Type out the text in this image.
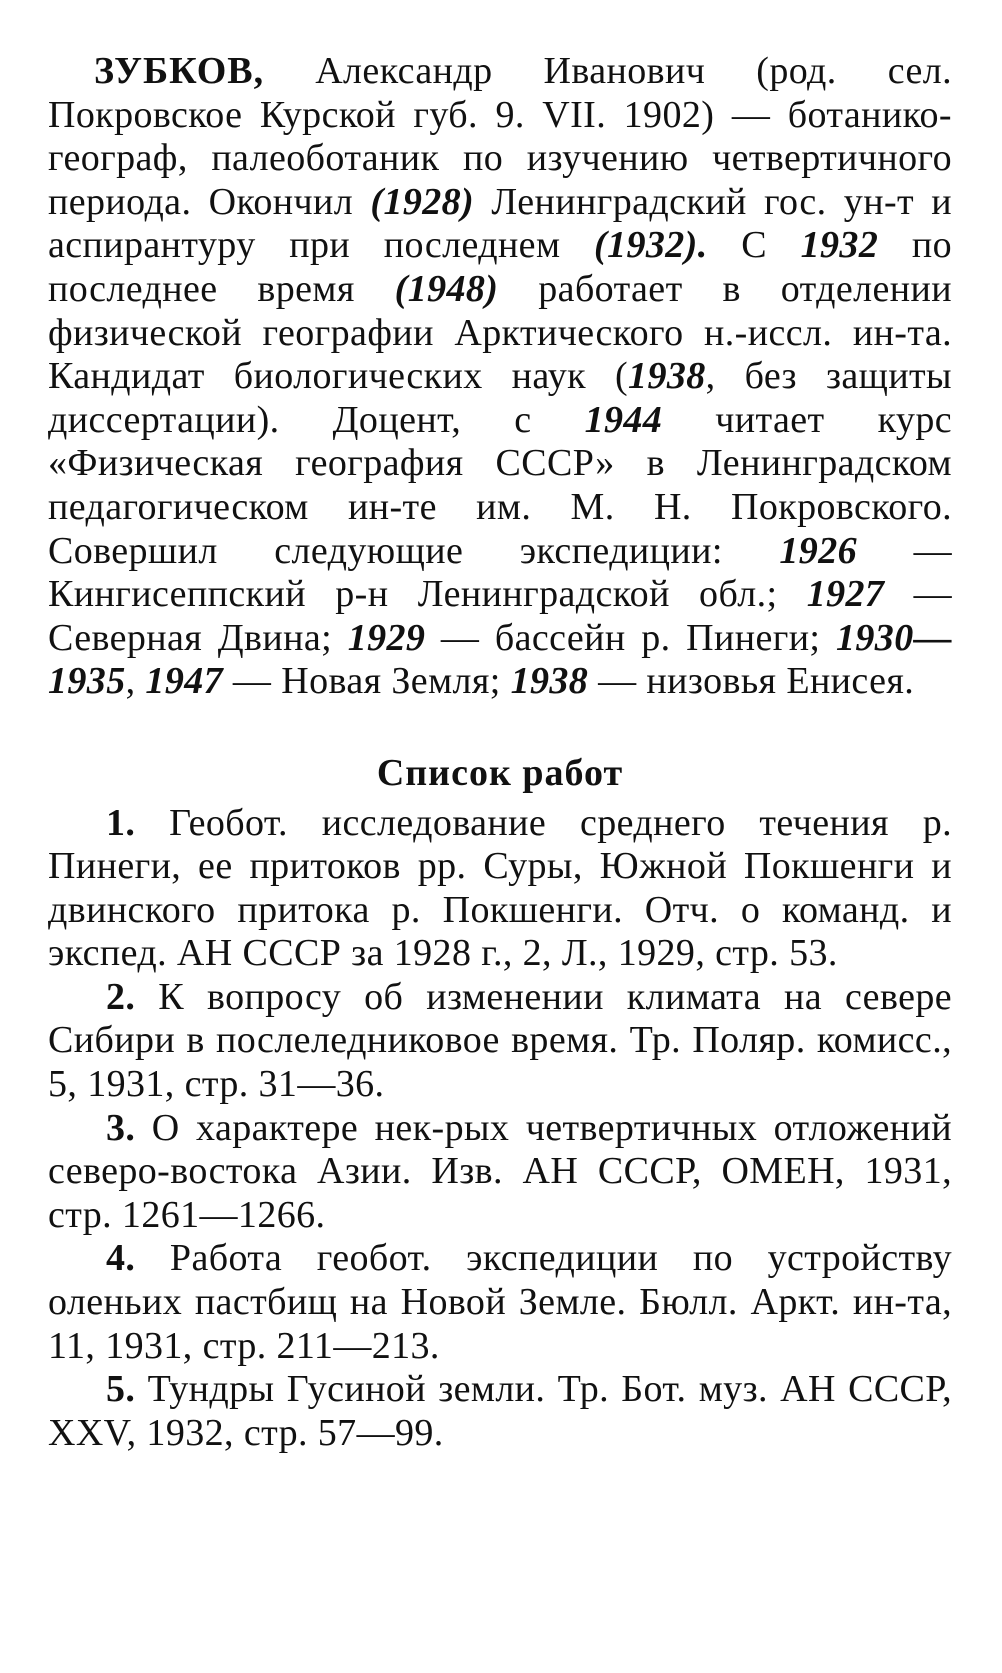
ЗУБКОВ, Александр Иванович (род. сел. Покровское Курской губ. 9. VII. 1902) — ботанико-географ, палеоботаник по изучению четвертичного периода. Окончил (1928) Ленинградский гос. ун-т и аспирантуру при последнем (1932). С 1932 по последнее время (1948) работает в отделении физической географии Арктического н.-иссл. ин-та. Кандидат биологических наук (1938, без защиты диссертации). Доцент, с 1944 читает курс «Физическая география СССР» в Ленинградском педагогическом ин-те им. М. Н. Покровского. Совершил следующие экспедиции: 1926 — Кингисеппский р-н Ленинградской обл.; 1927 — Северная Двина; 1929 — бассейн р. Пинеги; 1930—1935, 1947 — Новая Земля; 1938 — низовья Енисея.

Список работ

1. Геобот. исследование среднего течения р. Пинеги, ее притоков рр. Суры, Южной Покшенги и двинского притока р. Покшенги. Отч. о команд. и экспед. АН СССР за 1928 г., 2, Л., 1929, стр. 53.

2. К вопросу об изменении климата на севере Сибири в послеледниковое время. Тр. Поляр. комисс., 5, 1931, стр. 31—36.

3. О характере нек-рых четвертичных отложений северо-востока Азии. Изв. АН СССР, ОМЕН, 1931, стр. 1261—1266.

4. Работа геобот. экспедиции по устройству оленьих пастбищ на Новой Земле. Бюлл. Аркт. ин-та, 11, 1931, стр. 211—213.

5. Тундры Гусиной земли. Тр. Бот. муз. АН СССР, XXV, 1932, стр. 57—99.
